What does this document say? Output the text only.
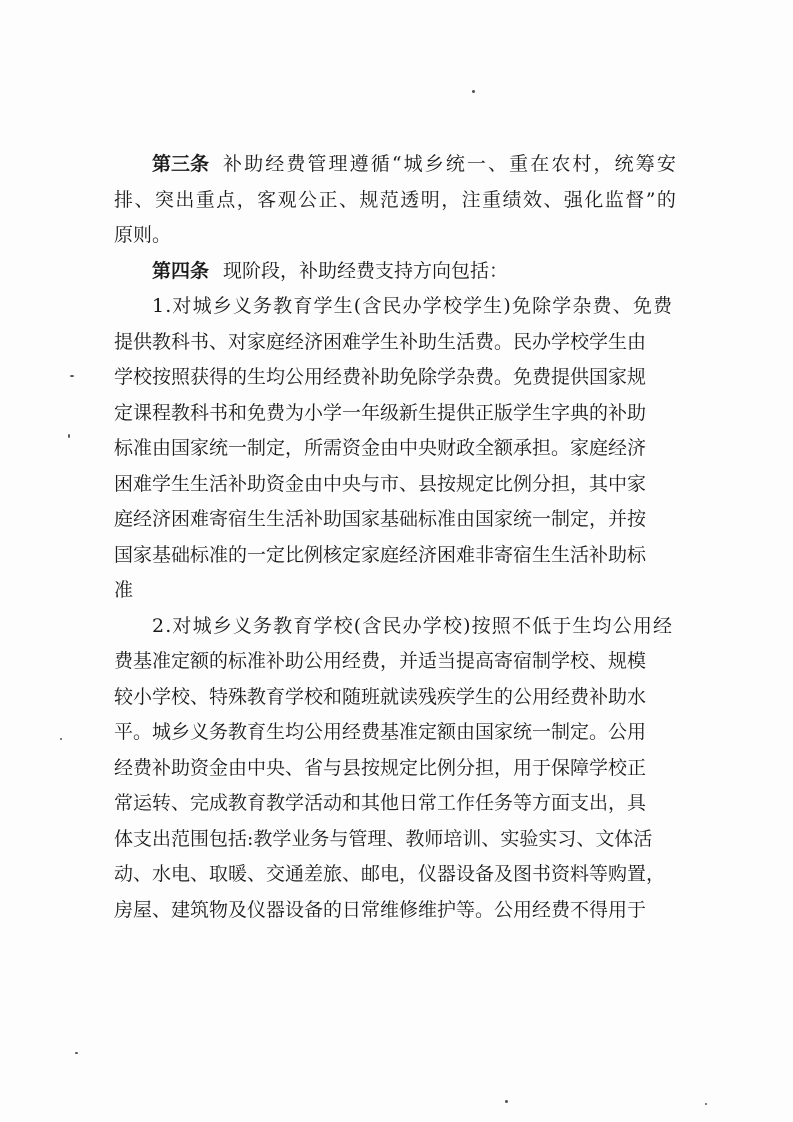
第三条 补助经费管理遵循“城乡统一、重在农村，统筹安
排、突出重点，客观公正、规范透明，注重绩效、强化监督”的
原则。
第四条 现阶段，补助经费支持方向包括：
1.对城乡义务教育学生(含民办学校学生)免除学杂费、免费
提供教科书、对家庭经济困难学生补助生活费。民办学校学生由
学校按照获得的生均公用经费补助免除学杂费。免费提供国家规
定课程教科书和免费为小学一年级新生提供正版学生字典的补助
标准由国家统一制定，所需资金由中央财政全额承担。家庭经济
困难学生生活补助资金由中央与市、县按规定比例分担，其中家
庭经济困难寄宿生生活补助国家基础标准由国家统一制定，并按
国家基础标准的一定比例核定家庭经济困难非寄宿生生活补助标
准
2.对城乡义务教育学校(含民办学校)按照不低于生均公用经
费基准定额的标准补助公用经费，并适当提高寄宿制学校、规模
较小学校、特殊教育学校和随班就读残疾学生的公用经费补助水
平。城乡义务教育生均公用经费基准定额由国家统一制定。公用
经费补助资金由中央、省与县按规定比例分担，用于保障学校正
常运转、完成教育教学活动和其他日常工作任务等方面支出，具
体支出范围包括:教学业务与管理、教师培训、实验实习、文体活
动、水电、取暖、交通差旅、邮电，仪器设备及图书资料等购置，
房屋、建筑物及仪器设备的日常维修维护等。公用经费不得用于
